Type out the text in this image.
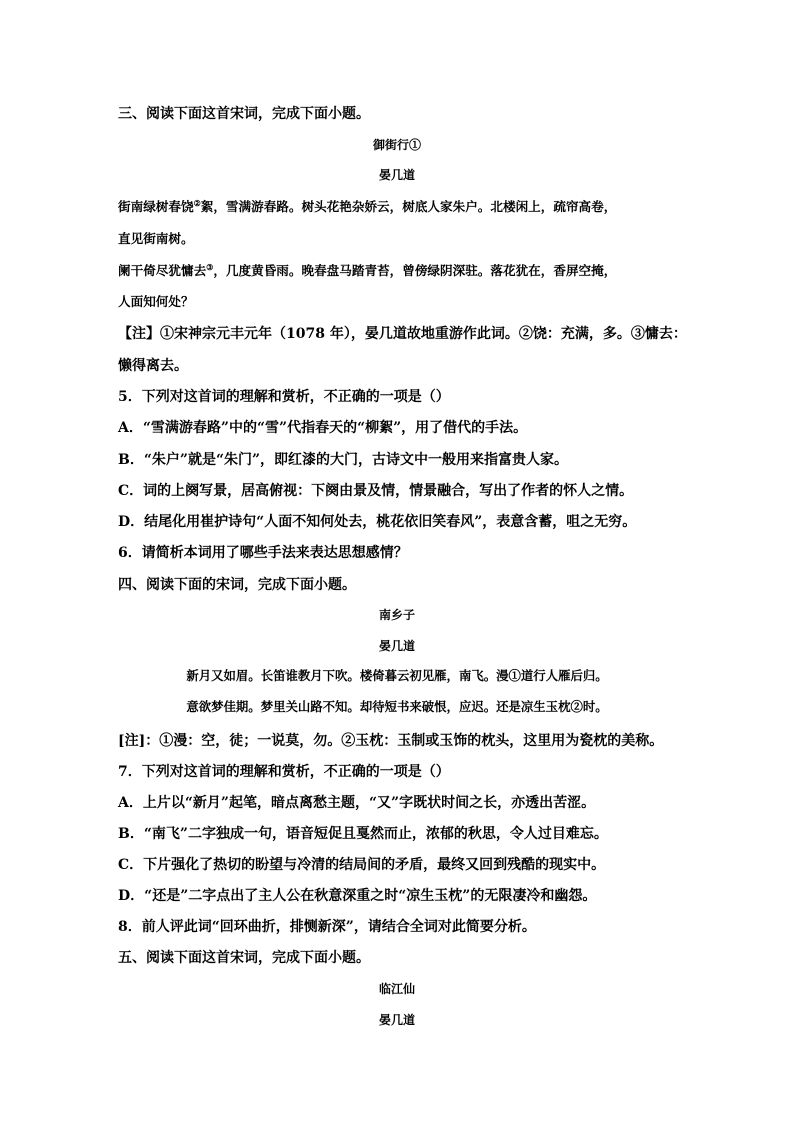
三、阅读下面这首宋词，完成下面小题。
御街行①
晏几道
街南绿树春饶②絮，雪满游春路。树头花艳杂娇云，树底人家朱户。北楼闲上，疏帘高卷，
直见街南树。
阑干倚尽犹慵去③，几度黄昏雨。晚春盘马踏青苔，曾傍绿阴深驻。落花犹在，香屏空掩，
人面知何处？
【注】①宋神宗元丰元年（1078 年），晏几道故地重游作此词。②饶：充满，多。③慵去：
懒得离去。
5．下列对这首词的理解和赏析，不正确的一项是（）
A．“雪满游春路”中的“雪”代指春天的“柳絮”，用了借代的手法。
B．“朱户”就是“朱门”，即红漆的大门，古诗文中一般用来指富贵人家。
C．词的上阕写景，居高俯视：下阕由景及情，情景融合，写出了作者的怀人之情。
D．结尾化用崔护诗句“人面不知何处去，桃花依旧笑春风”，表意含蓄，咀之无穷。
6．请简析本词用了哪些手法来表达思想感情？
四、阅读下面的宋词，完成下面小题。
南乡子
晏几道
新月又如眉。长笛谁教月下吹。楼倚暮云初见雁，南飞。漫①道行人雁后归。
意欲梦佳期。梦里关山路不知。却待短书来破恨，应迟。还是凉生玉枕②时。
[注]：①漫：空，徒；一说莫，勿。②玉枕：玉制或玉饰的枕头，这里用为瓷枕的美称。
7．下列对这首词的理解和赏析，不正确的一项是（）
A．上片以“新月”起笔，暗点离愁主题，“又”字既状时间之长，亦透出苦涩。
B．“南飞”二字独成一句，语音短促且戛然而止，浓郁的秋思，令人过目难忘。
C．下片强化了热切的盼望与冷清的结局间的矛盾，最终又回到残酷的现实中。
D．“还是”二字点出了主人公在秋意深重之时“凉生玉枕”的无限凄冷和幽怨。
8．前人评此词“回环曲折，排恻新深”，请结合全词对此简要分析。
五、阅读下面这首宋词，完成下面小题。
临江仙
晏几道
